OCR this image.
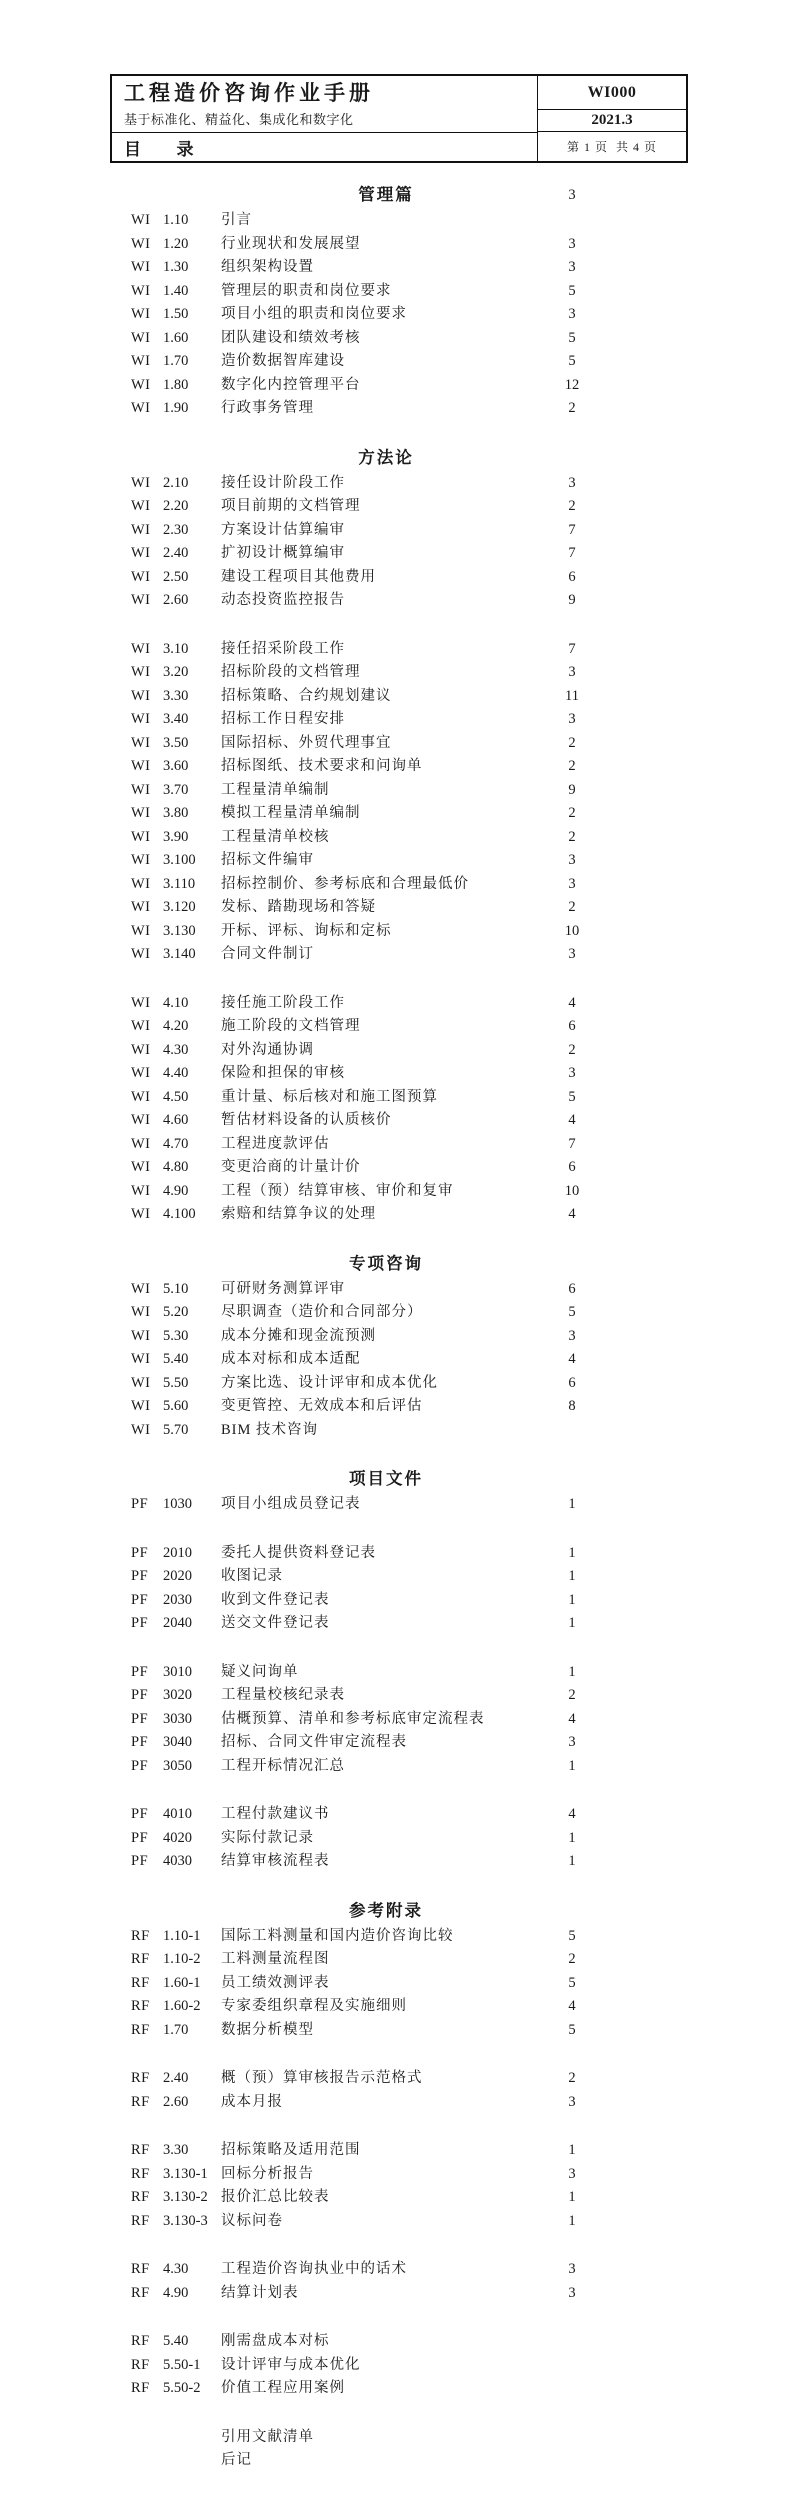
工程造价咨询作业手册
基于标准化、精益化、集成化和数字化
目  录
WI000
2021.3
第 1 页  共 4 页
管理篇	3
WI 1.10 引言
WI 1.20 行业现状和发展展望	3
WI 1.30 组织架构设置	3
WI 1.40 管理层的职责和岗位要求	5
WI 1.50 项目小组的职责和岗位要求	3
WI 1.60 团队建设和绩效考核	5
WI 1.70 造价数据智库建设	5
WI 1.80 数字化内控管理平台	12
WI 1.90 行政事务管理	2
方法论
WI 2.10 接任设计阶段工作	3
WI 2.20 项目前期的文档管理	2
WI 2.30 方案设计估算编审	7
WI 2.40 扩初设计概算编审	7
WI 2.50 建设工程项目其他费用	6
WI 2.60 动态投资监控报告	9
WI 3.10 接任招采阶段工作	7
WI 3.20 招标阶段的文档管理	3
WI 3.30 招标策略、合约规划建议	11
WI 3.40 招标工作日程安排	3
WI 3.50 国际招标、外贸代理事宜	2
WI 3.60 招标图纸、技术要求和问询单	2
WI 3.70 工程量清单编制	9
WI 3.80 模拟工程量清单编制	2
WI 3.90 工程量清单校核	2
WI 3.100 招标文件编审	3
WI 3.110 招标控制价、参考标底和合理最低价	3
WI 3.120 发标、踏勘现场和答疑	2
WI 3.130 开标、评标、询标和定标	10
WI 3.140 合同文件制订	3
WI 4.10 接任施工阶段工作	4
WI 4.20 施工阶段的文档管理	6
WI 4.30 对外沟通协调	2
WI 4.40 保险和担保的审核	3
WI 4.50 重计量、标后核对和施工图预算	5
WI 4.60 暂估材料设备的认质核价	4
WI 4.70 工程进度款评估	7
WI 4.80 变更洽商的计量计价	6
WI 4.90 工程（预）结算审核、审价和复审	10
WI 4.100 索赔和结算争议的处理	4
专项咨询
WI 5.10 可研财务测算评审	6
WI 5.20 尽职调查（造价和合同部分）	5
WI 5.30 成本分摊和现金流预测	3
WI 5.40 成本对标和成本适配	4
WI 5.50 方案比选、设计评审和成本优化	6
WI 5.60 变更管控、无效成本和后评估	8
WI 5.70 BIM 技术咨询
项目文件
PF 1030 项目小组成员登记表	1
PF 2010 委托人提供资料登记表	1
PF 2020 收图记录	1
PF 2030 收到文件登记表	1
PF 2040 送交文件登记表	1
PF 3010 疑义问询单	1
PF 3020 工程量校核纪录表	2
PF 3030 估概预算、清单和参考标底审定流程表	4
PF 3040 招标、合同文件审定流程表	3
PF 3050 工程开标情况汇总	1
PF 4010 工程付款建议书	4
PF 4020 实际付款记录	1
PF 4030 结算审核流程表	1
参考附录
RF 1.10-1 国际工料测量和国内造价咨询比较	5
RF 1.10-2 工料测量流程图	2
RF 1.60-1 员工绩效测评表	5
RF 1.60-2 专家委组织章程及实施细则	4
RF 1.70 数据分析模型	5
RF 2.40 概（预）算审核报告示范格式	2
RF 2.60 成本月报	3
RF 3.30 招标策略及适用范围	1
RF 3.130-1 回标分析报告	3
RF 3.130-2 报价汇总比较表	1
RF 3.130-3 议标问卷	1
RF 4.30 工程造价咨询执业中的话术	3
RF 4.90 结算计划表	3
RF 5.40 刚需盘成本对标
RF 5.50-1 设计评审与成本优化
RF 5.50-2 价值工程应用案例
引用文献清单
后记
